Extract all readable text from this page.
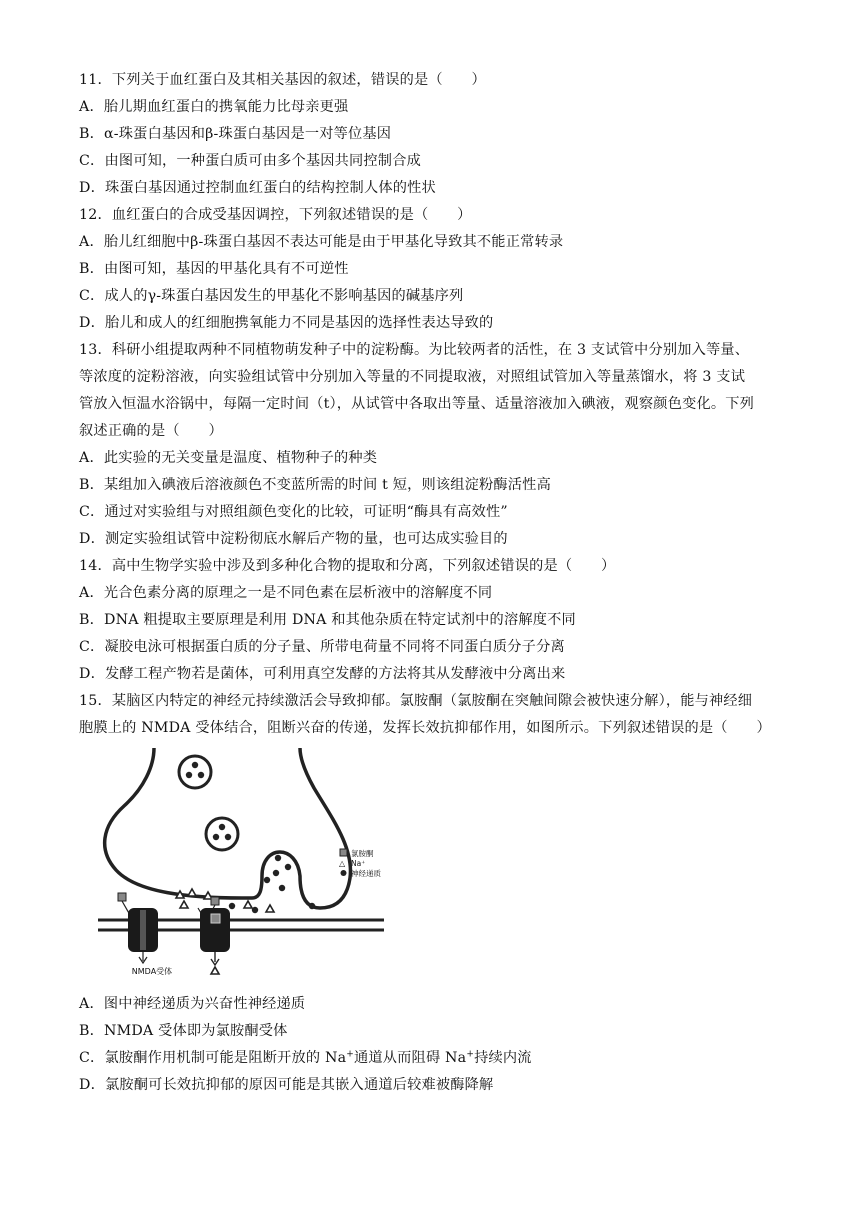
11．下列关于血红蛋白及其相关基因的叙述，错误的是（　　）
A．胎儿期血红蛋白的携氧能力比母亲更强
B．α-珠蛋白基因和β-珠蛋白基因是一对等位基因
C．由图可知，一种蛋白质可由多个基因共同控制合成
D．珠蛋白基因通过控制血红蛋白的结构控制人体的性状
12．血红蛋白的合成受基因调控，下列叙述错误的是（　　）
A．胎儿红细胞中β-珠蛋白基因不表达可能是由于甲基化导致其不能正常转录
B．由图可知，基因的甲基化具有不可逆性
C．成人的γ-珠蛋白基因发生的甲基化不影响基因的碱基序列
D．胎儿和成人的红细胞携氧能力不同是基因的选择性表达导致的
13．科研小组提取两种不同植物萌发种子中的淀粉酶。为比较两者的活性，在 3 支试管中分别加入等量、
等浓度的淀粉溶液，向实验组试管中分别加入等量的不同提取液，对照组试管加入等量蒸馏水，将 3 支试
管放入恒温水浴锅中，每隔一定时间（t），从试管中各取出等量、适量溶液加入碘液，观察颜色变化。下列
叙述正确的是（　　）
A．此实验的无关变量是温度、植物种子的种类
B．某组加入碘液后溶液颜色不变蓝所需的时间 t 短，则该组淀粉酶活性高
C．通过对实验组与对照组颜色变化的比较，可证明“酶具有高效性”
D．测定实验组试管中淀粉彻底水解后产物的量，也可达成实验目的
14．高中生物学实验中涉及到多种化合物的提取和分离，下列叙述错误的是（　　）
A．光合色素分离的原理之一是不同色素在层析液中的溶解度不同
B．DNA 粗提取主要原理是利用 DNA 和其他杂质在特定试剂中的溶解度不同
C．凝胶电泳可根据蛋白质的分子量、所带电荷量不同将不同蛋白质分子分离
D．发酵工程产物若是菌体，可利用真空发酵的方法将其从发酵液中分离出来
15．某脑区内特定的神经元持续激活会导致抑郁。氯胺酮（氯胺酮在突触间隙会被快速分解），能与神经细
胞膜上的 NMDA 受体结合，阻断兴奋的传递，发挥长效抗抑郁作用，如图所示。下列叙述错误的是（　　）
NMDA受体
氯胺酮
△ Na⁺
神经递质
A．图中神经递质为兴奋性神经递质
B．NMDA 受体即为氯胺酮受体
C．氯胺酮作用机制可能是阻断开放的 Na+通道从而阻碍 Na+持续内流
D．氯胺酮可长效抗抑郁的原因可能是其嵌入通道后较难被酶降解
